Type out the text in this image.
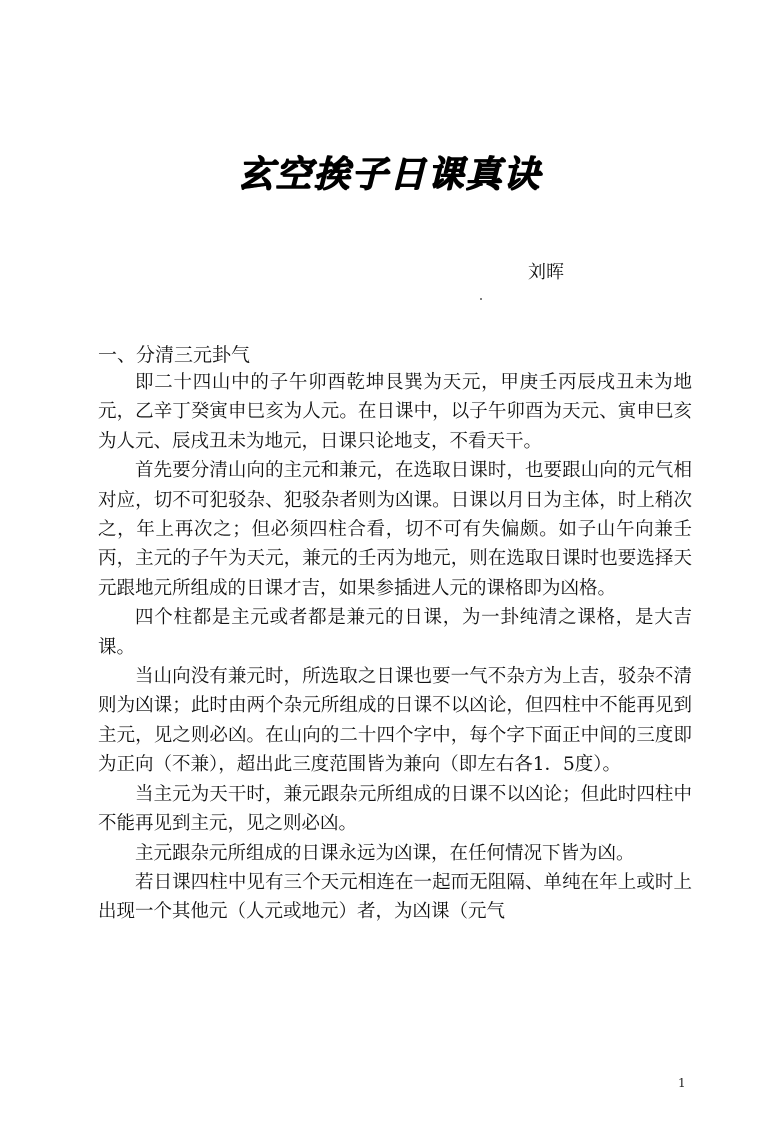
玄空挨子日课真诀
刘晖
一、分清三元卦气

即二十四山中的子午卯酉乾坤艮巽为天元，甲庚壬丙辰戌丑未为地元，乙辛丁癸寅申巳亥为人元。在日课中，以子午卯酉为天元、寅申巳亥为人元、辰戌丑未为地元，日课只论地支，不看天干。

首先要分清山向的主元和兼元，在选取日课时，也要跟山向的元气相对应，切不可犯驳杂、犯驳杂者则为凶课。日课以月日为主体，时上稍次之，年上再次之；但必须四柱合看，切不可有失偏颇。如子山午向兼壬丙，主元的子午为天元，兼元的壬丙为地元，则在选取日课时也要选择天元跟地元所组成的日课才吉，如果参插进人元的课格即为凶格。

四个柱都是主元或者都是兼元的日课，为一卦纯清之课格，是大吉课。

当山向没有兼元时，所选取之日课也要一气不杂方为上吉，驳杂不清则为凶课；此时由两个杂元所组成的日课不以凶论，但四柱中不能再见到主元，见之则必凶。在山向的二十四个字中，每个字下面正中间的三度即为正向（不兼），超出此三度范围皆为兼向（即左右各1．5度）。

当主元为天干时，兼元跟杂元所组成的日课不以凶论；但此时四柱中不能再见到主元，见之则必凶。

主元跟杂元所组成的日课永远为凶课，在任何情况下皆为凶。

若日课四柱中见有三个天元相连在一起而无阻隔、单纯在年上或时上出现一个其他元（人元或地元）者，为凶课（元气

1
